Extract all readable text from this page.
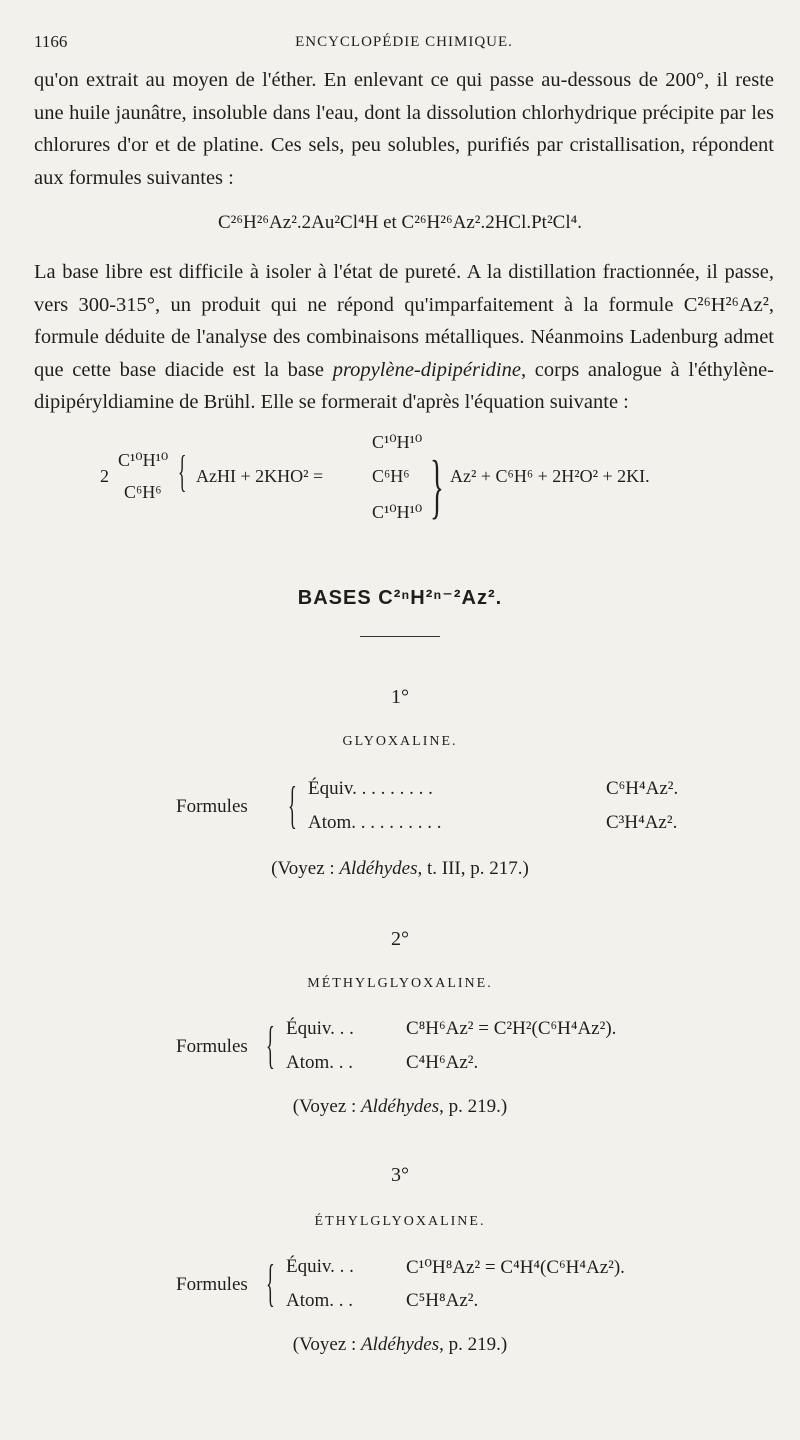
1166	ENCYCLOPÉDIE CHIMIQUE.

qu'on extrait au moyen de l'éther. En enlevant ce qui passe au-dessous de 200°, il reste une huile jaunâtre, insoluble dans l'eau, dont la dissolution chlorhydrique précipite par les chlorures d'or et de platine. Ces sels, peu solubles, purifiés par cristallisation, répondent aux formules suivantes :

C²⁶H²⁶Az².2Au²Cl⁴H et C²⁶H²⁶Az².2HCl.Pt²Cl⁴.

La base libre est difficile à isoler à l'état de pureté. A la distillation fractionnée, il passe, vers 300-315°, un produit qui ne répond qu'imparfaitement à la formule C²⁶H²⁶Az², formule déduite de l'analyse des combinaisons métalliques. Néanmoins Ladenburg admet que cette base diacide est la base propylène-dipipéridine, corps analogue à l'éthylène-dipipéryldiamine de Brühl. Elle se formerait d'après l'équation suivante :

2
C¹⁰H¹⁰
C⁶H⁶ { AzHI + 2KHO² =
C¹⁰H¹⁰
C⁶H⁶
C¹⁰H¹⁰ } Az² + C⁶H⁶ + 2H²O² + 2KI.
BASES C²ⁿH²ⁿ⁻²Az².
1°
GLYOXALINE.
Formules { Équiv. . . . . . . . .	C⁶H⁴Az².
Atom. . . . . . . . . .	C³H⁴Az².
(Voyez : Aldéhydes, t. III, p. 217.)
2°
MÉTHYLGLYOXALINE.
Formules { Équiv. . .	C⁸H⁶Az² = C²H²(C⁶H⁴Az²).
Atom. . .	C⁴H⁶Az².
(Voyez : Aldéhydes, p. 219.)
3°
ÉTHYLGLYOXALINE.
Formules { Équiv. . .	C¹⁰H⁸Az² = C⁴H⁴(C⁶H⁴Az²).
Atom. . .	C⁵H⁸Az².
(Voyez : Aldéhydes, p. 219.)
